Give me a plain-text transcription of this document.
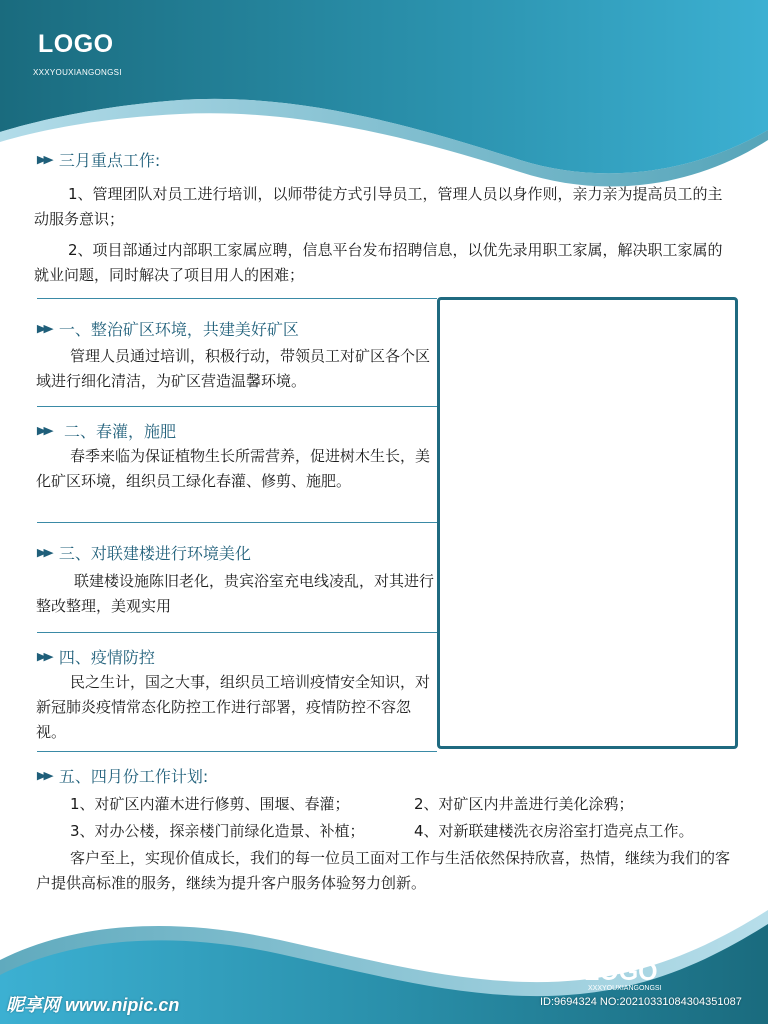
LOGO
XXXYOUXIANGONGSI
▶▶ 三月重点工作:
1、管理团队对员工进行培训，以师带徒方式引导员工，管理人员以身作则，亲力亲为提高员工的主动服务意识；
2、项目部通过内部职工家属应聘，信息平台发布招聘信息，以优先录用职工家属，解决职工家属的就业问题，同时解决了项目用人的困难；
▶▶ 一、整治矿区环境，共建美好矿区
管理人员通过培训，积极行动，带领员工对矿区各个区域进行细化清洁，为矿区营造温馨环境。
▶▶ 二、春灌，施肥
春季来临为保证植物生长所需营养，促进树木生长，美化矿区环境，组织员工绿化春灌、修剪、施肥。
▶▶ 三、对联建楼进行环境美化
联建楼设施陈旧老化，贵宾浴室充电线凌乱，对其进行整改整理，美观实用
▶▶ 四、疫情防控
民之生计，国之大事，组织员工培训疫情安全知识，对新冠肺炎疫情常态化防控工作进行部署，疫情防控不容忽视。
▶▶ 五、四月份工作计划:
1、对矿区内灌木进行修剪、围堰、春灌；	2、对矿区内井盖进行美化涂鸦；
3、对办公楼，探亲楼门前绿化造景、补植；	4、对新联建楼洗衣房浴室打造亮点工作。
客户至上，实现价值成长，我们的每一位员工面对工作与生活依然保持欣喜，热情，继续为我们的客户提供高标准的服务，继续为提升客户服务体验努力创新。
LOGO
XXXYOUXIANGONGSI
昵享网 www.nipic.cn	ID:9694324 NO:20210331084304351087
